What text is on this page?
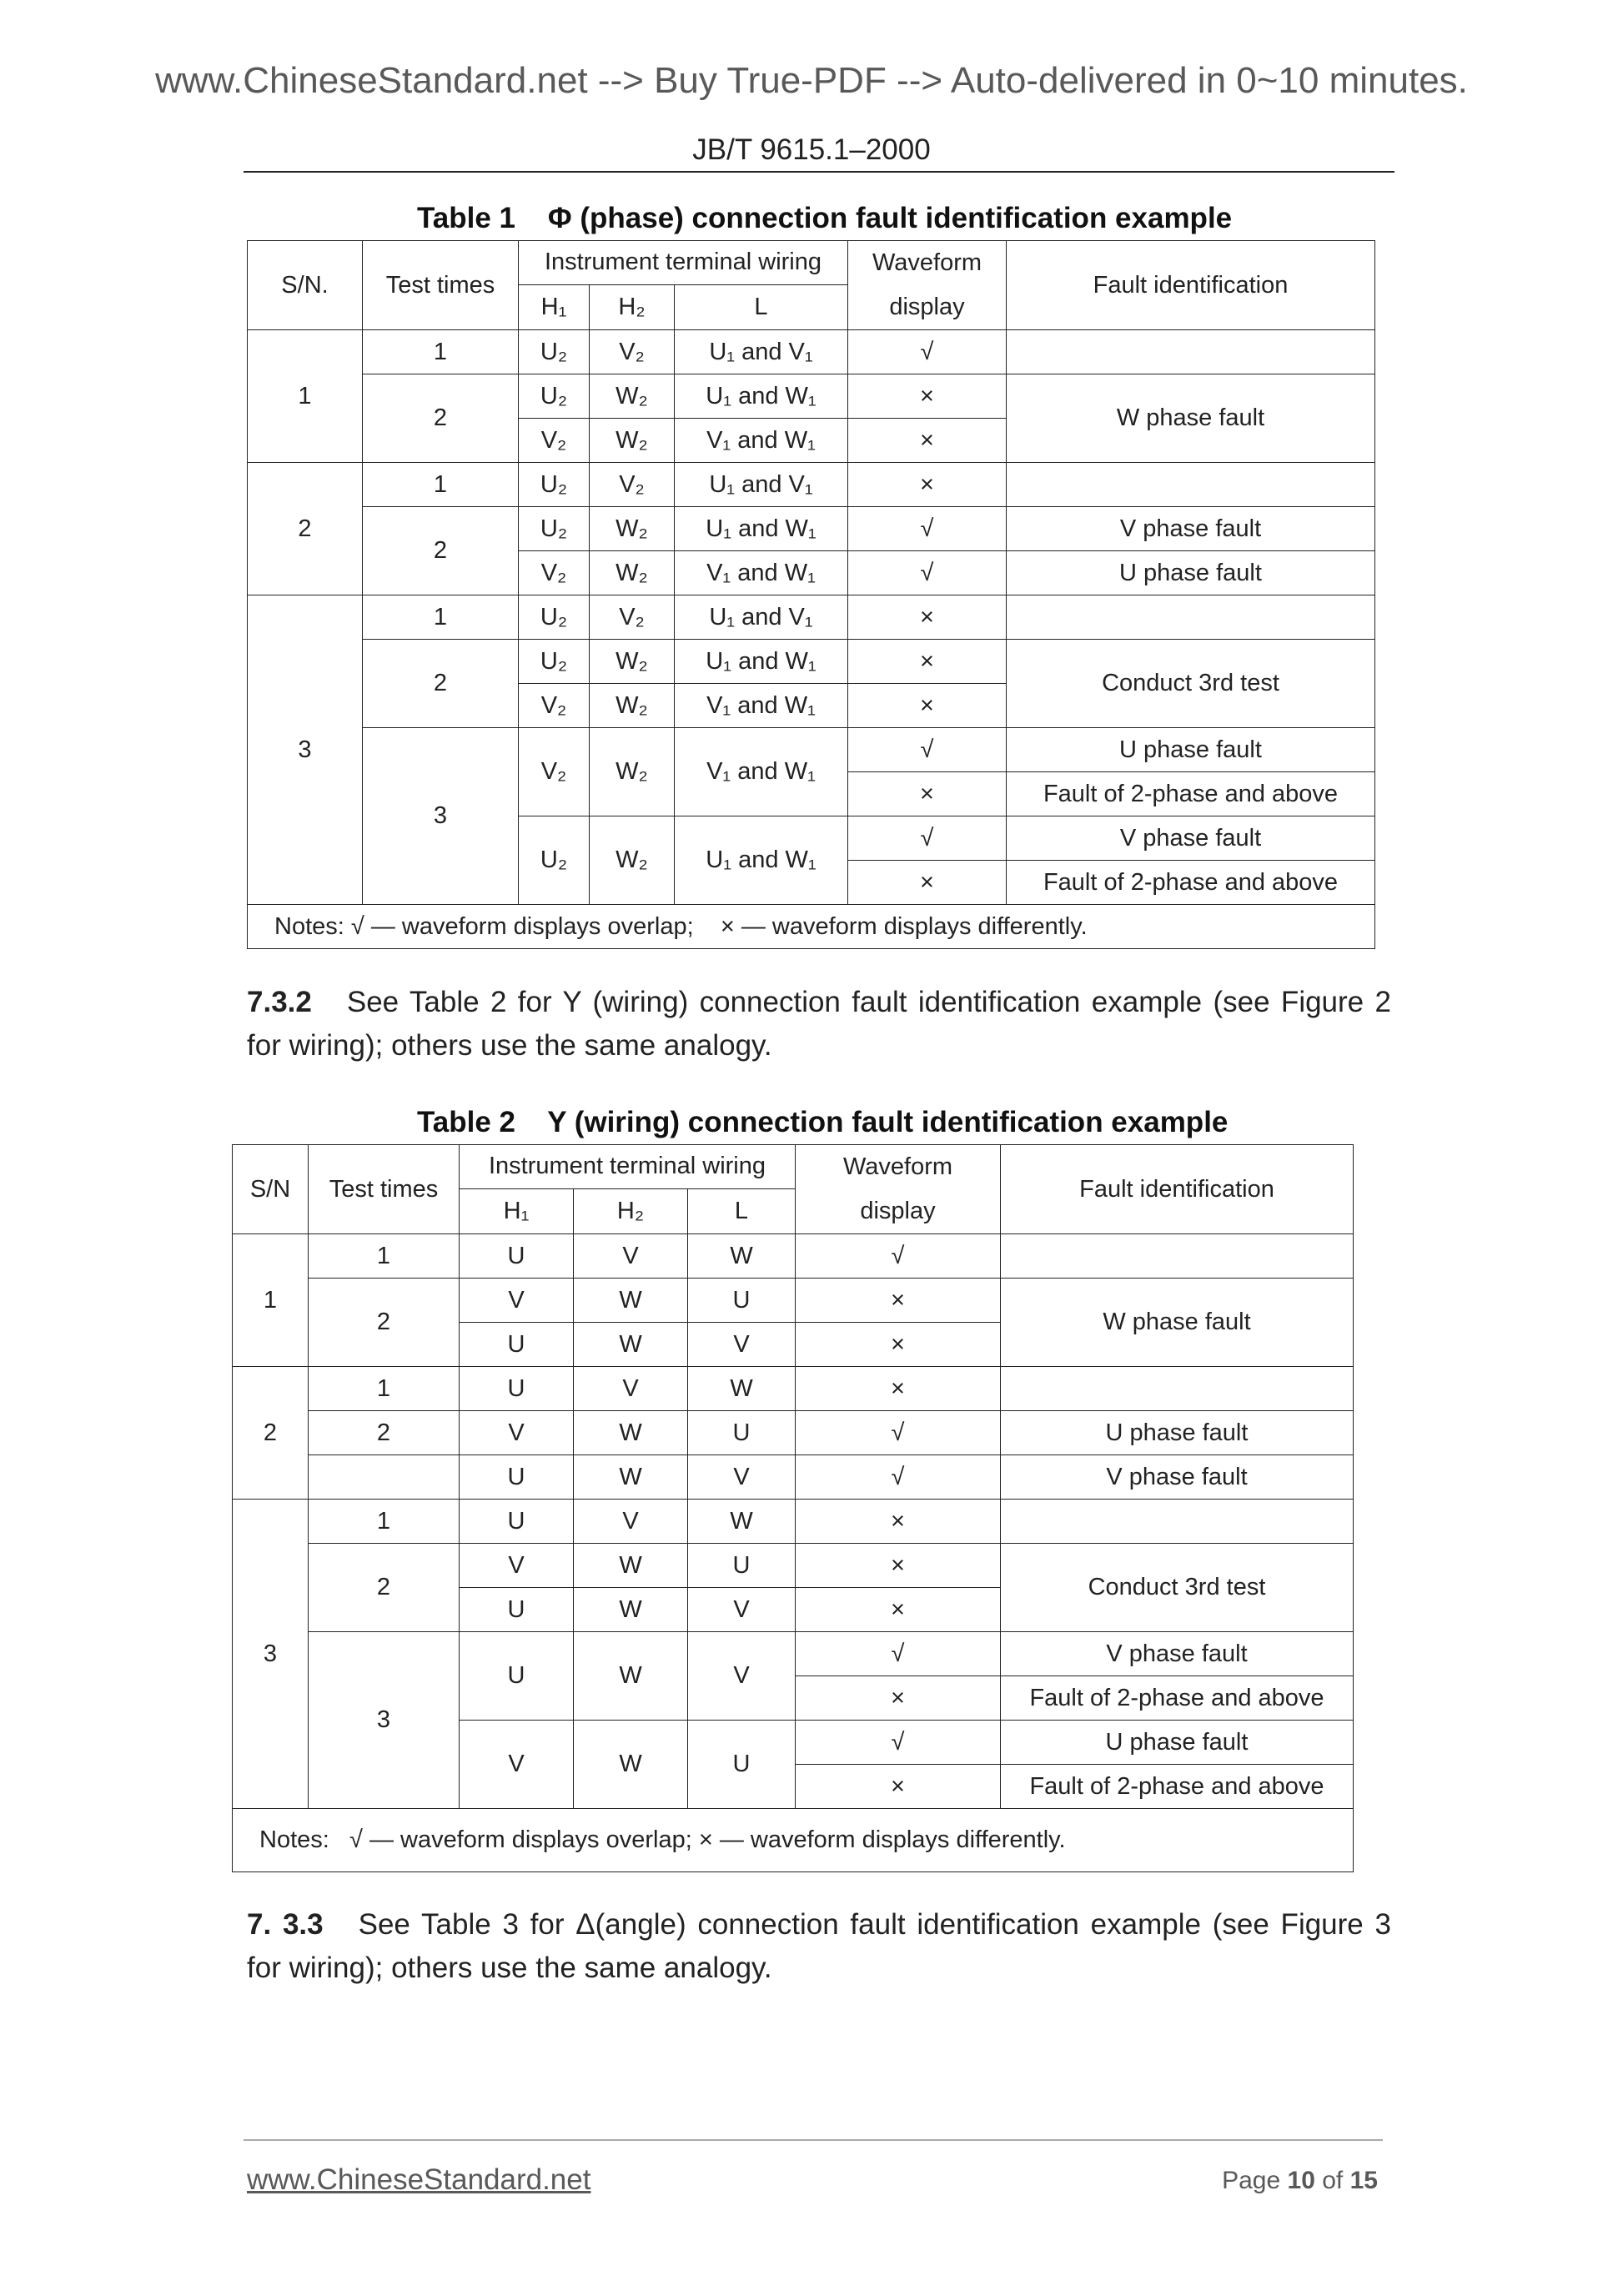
www.ChineseStandard.net --> Buy True-PDF --> Auto-delivered in 0~10 minutes.
JB/T 9615.1–2000
Table 1    Φ (phase) connection fault identification example
S/N.	Test times	Instrument terminal wiring			Waveform
display	Fault identification
		H₁	H₂	L		
1	1	U₂	V₂	U₁ and V₁	√	
	2	U₂	W₂	U₁ and W₁	×	W phase fault
		V₂	W₂	V₁ and W₁	×	
2	1	U₂	V₂	U₁ and V₁	×	
	2	U₂	W₂	U₁ and W₁	√	V phase fault
		V₂	W₂	V₁ and W₁	√	U phase fault
3	1	U₂	V₂	U₁ and V₁	×	
	2	U₂	W₂	U₁ and W₁	×	Conduct 3rd test
		V₂	W₂	V₁ and W₁	×	
	3	V₂	W₂	V₁ and W₁	√	U phase fault
					×	Fault of 2-phase and above
		U₂	W₂	U₁ and W₁	√	V phase fault
					×	Fault of 2-phase and above
Notes: √ — waveform displays overlap;    × — waveform displays differently.						
7.3.2 See Table 2 for Y (wiring) connection fault identification example (see Figure 2 for wiring); others use the same analogy.
Table 2    Y (wiring) connection fault identification example
S/N	Test times	Instrument terminal wiring			Waveform
display	Fault identification
		H₁	H₂	L		
1	1	U	V	W	√	
	2	V	W	U	×	W phase fault
		U	W	V	×	
2	1	U	V	W	×	
	2	V	W	U	√	U phase fault
		U	W	V	√	V phase fault
3	1	U	V	W	×	
	2	V	W	U	×	Conduct 3rd test
		U	W	V	×	
	3	U	W	V	√	V phase fault
					×	Fault of 2-phase and above
		V	W	U	√	U phase fault
					×	Fault of 2-phase and above
Notes:   √ — waveform displays overlap; × — waveform displays differently.						
7. 3.3 See Table 3 for Δ(angle) connection fault identification example (see Figure 3 for wiring); others use the same analogy.
www.ChineseStandard.net	Page 10 of 15
